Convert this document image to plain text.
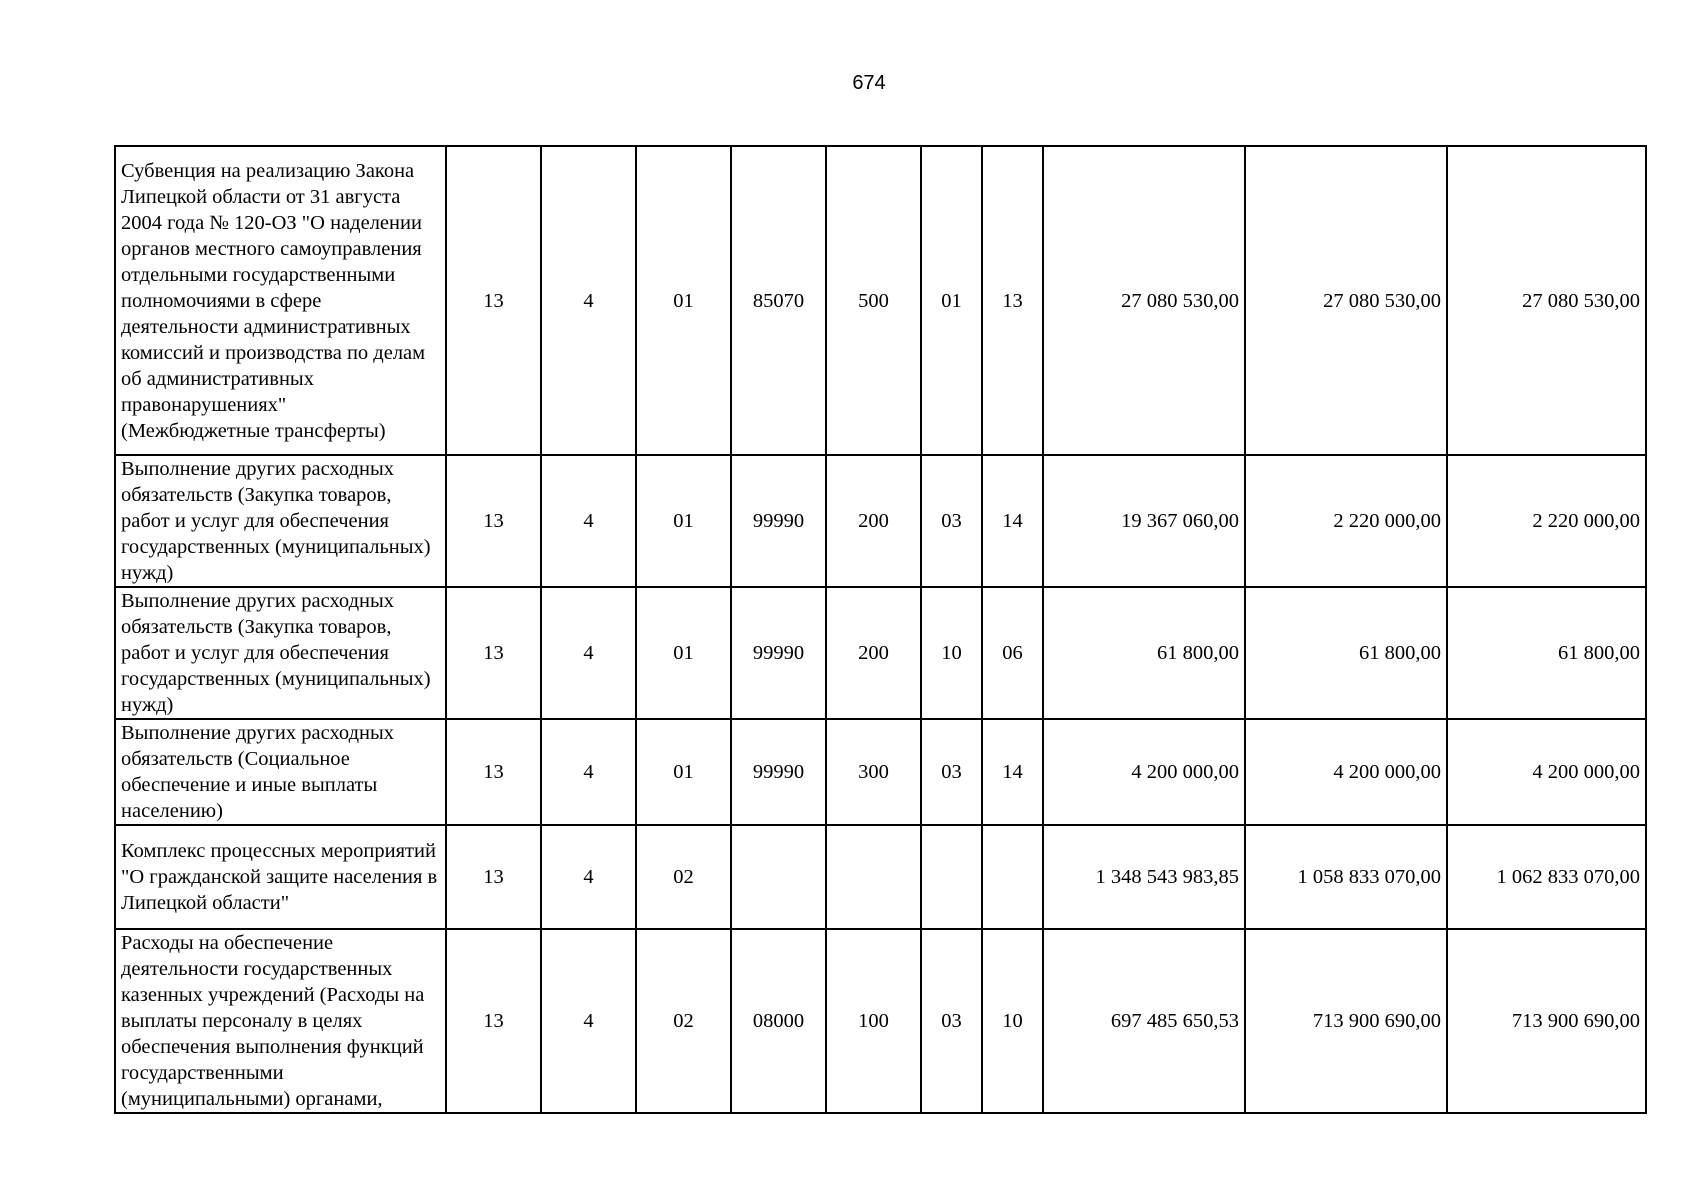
674
Субвенция на реализацию Закона Липецкой области от 31 августа 2004 года № 120-ОЗ "О наделении органов местного самоуправления отдельными государственными полномочиями в сфере деятельности административных комиссий и производства по делам об административных правонарушениях" (Межбюджетные трансферты)	13	4	01	85070	500	01	13	27 080 530,00	27 080 530,00	27 080 530,00
Выполнение других расходных обязательств (Закупка товаров, работ и услуг для обеспечения государственных (муниципальных) нужд)	13	4	01	99990	200	03	14	19 367 060,00	2 220 000,00	2 220 000,00
Выполнение других расходных обязательств (Закупка товаров, работ и услуг для обеспечения государственных (муниципальных) нужд)	13	4	01	99990	200	10	06	61 800,00	61 800,00	61 800,00
Выполнение других расходных обязательств (Социальное обеспечение и иные выплаты населению)	13	4	01	99990	300	03	14	4 200 000,00	4 200 000,00	4 200 000,00
Комплекс процессных мероприятий "О гражданской защите населения в Липецкой области"	13	4	02					1 348 543 983,85	1 058 833 070,00	1 062 833 070,00
Расходы на обеспечение деятельности государственных казенных учреждений (Расходы на выплаты персоналу в целях обеспечения выполнения функций государственными (муниципальными) органами,	13	4	02	08000	100	03	10	697 485 650,53	713 900 690,00	713 900 690,00
